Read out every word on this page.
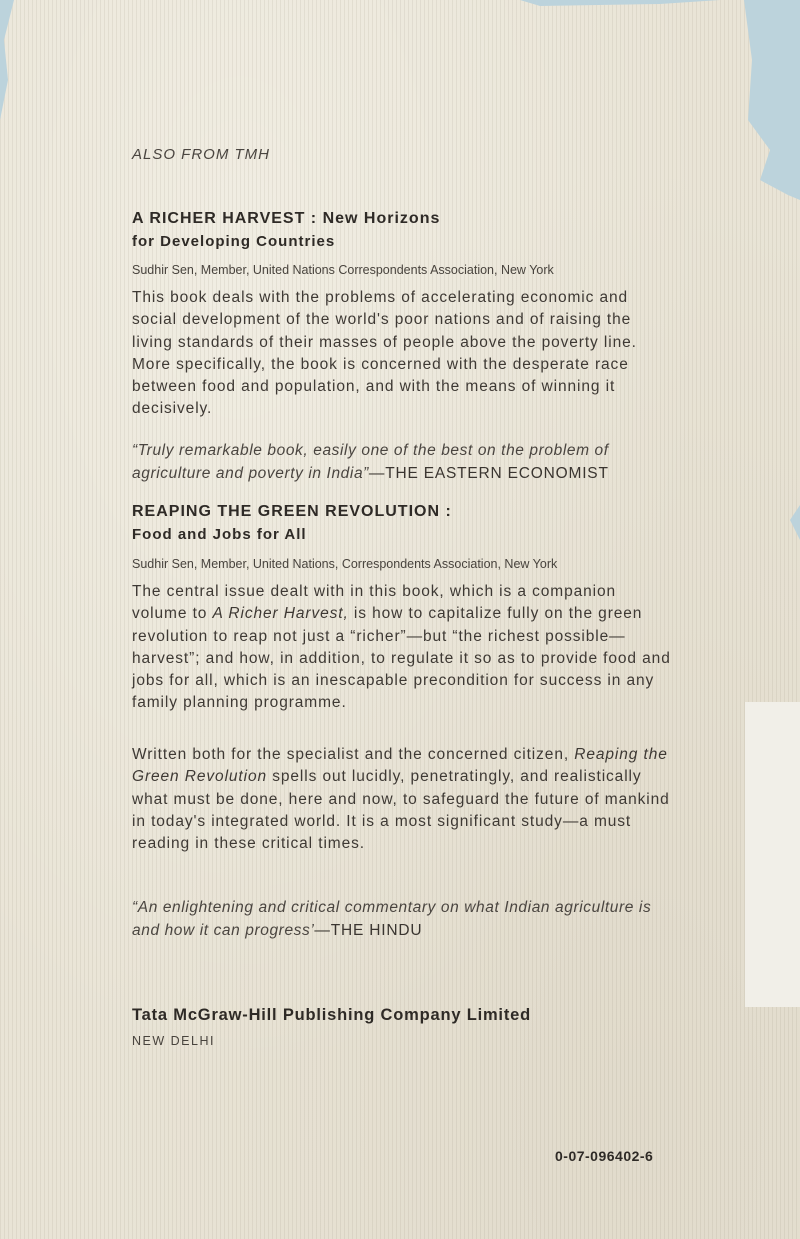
ALSO FROM TMH
A RICHER HARVEST : New Horizons
for Developing Countries
Sudhir Sen, Member, United Nations Correspondents Association, New York

This book deals with the problems of accelerating economic and social development of the world's poor nations and of raising the living standards of their masses of people above the poverty line. More specifically, the book is concerned with the desperate race between food and population, and with the means of winning it decisively.

“Truly remarkable book, easily one of the best on the problem of agriculture and poverty in India”—THE EASTERN ECONOMIST

REAPING THE GREEN REVOLUTION :
Food and Jobs for All
Sudhir Sen, Member, United Nations, Correspondents Association, New York

The central issue dealt with in this book, which is a companion volume to A Richer Harvest, is how to capitalize fully on the green revolution to reap not just a “richer”—but “the richest possible—harvest”; and how, in addition, to regulate it so as to provide food and jobs for all, which is an inescapable precondition for success in any family planning programme.

Written both for the specialist and the concerned citizen, Reaping the Green Revolution spells out lucidly, penetratingly, and realistically what must be done, here and now, to safeguard the future of mankind in today's integrated world. It is a most significant study—a must reading in these critical times.

“An enlightening and critical commentary on what Indian agriculture is and how it can progress’—THE HINDU

Tata McGraw-Hill Publishing Company Limited
NEW DELHI
0-07-096402-6
